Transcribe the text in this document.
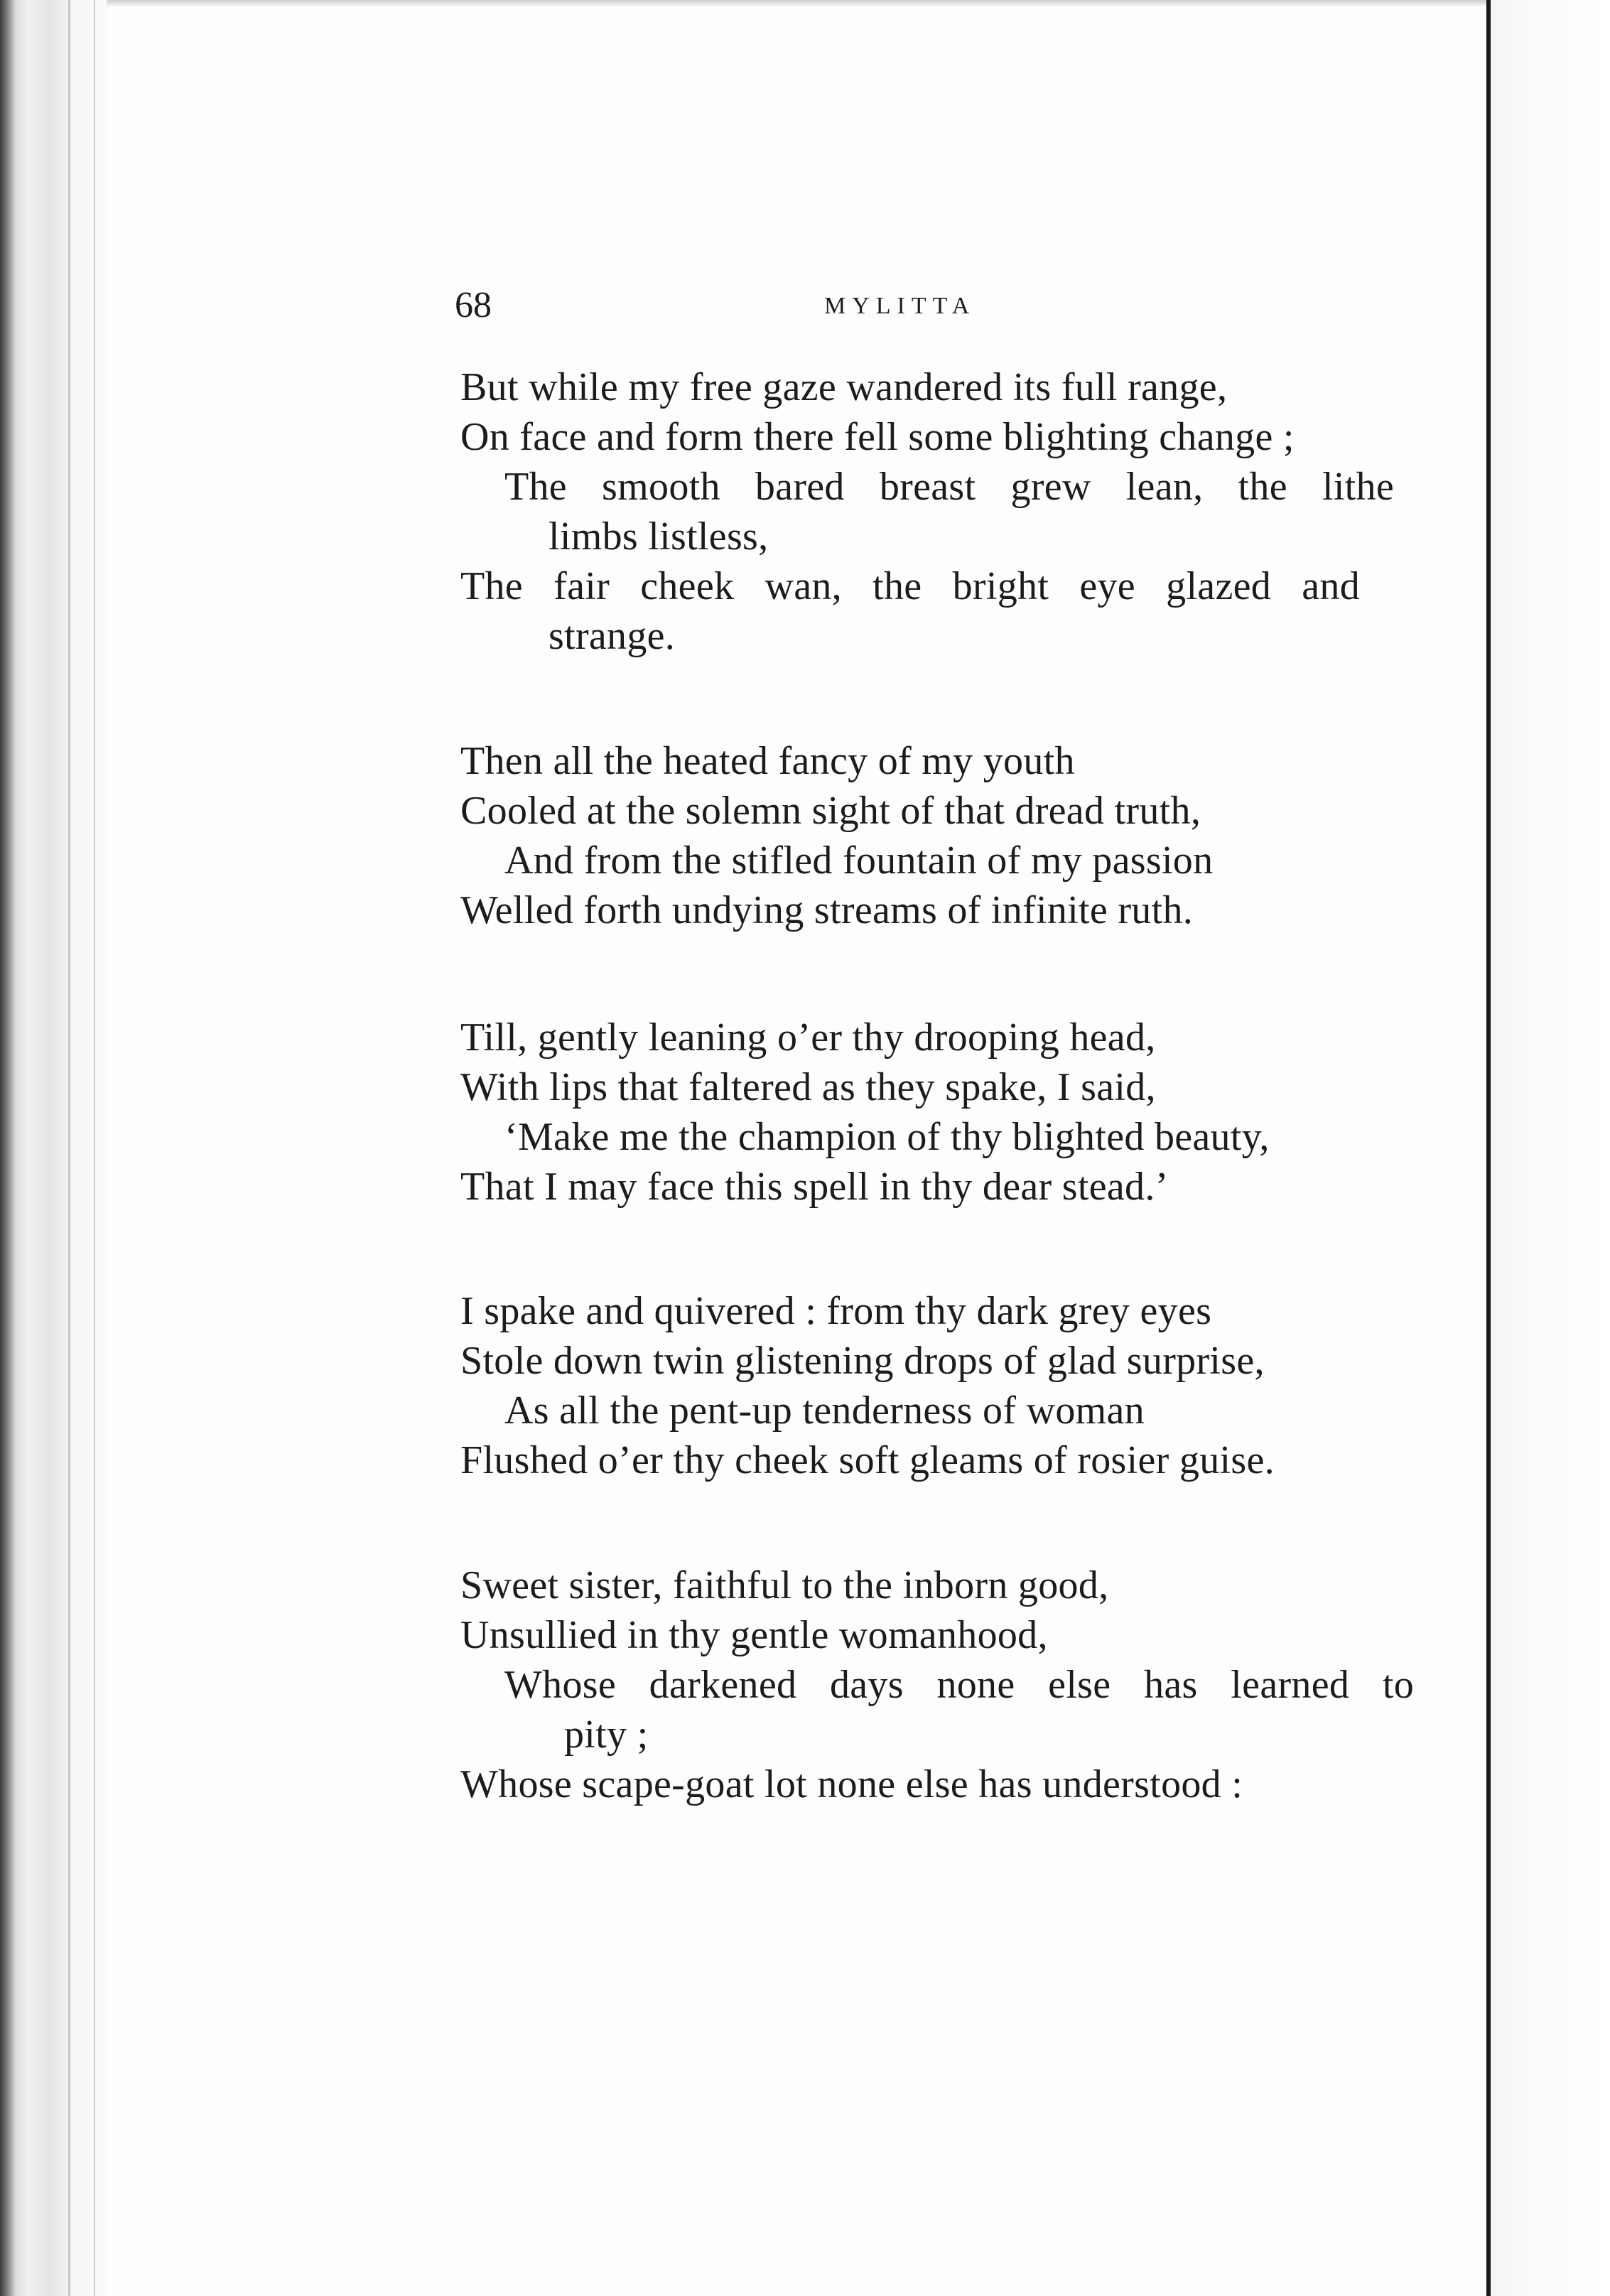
68	MYLITTA
But while my free gaze wandered its full range,
On face and form there fell some blighting change ;
The smooth bared breast grew lean, the lithe
limbs listless,
The fair cheek wan, the bright eye glazed and
strange.
Then all the heated fancy of my youth
Cooled at the solemn sight of that dread truth,
And from the stifled fountain of my passion
Welled forth undying streams of infinite ruth.
Till, gently leaning o’er thy drooping head,
With lips that faltered as they spake, I said,
‘Make me the champion of thy blighted beauty,
That I may face this spell in thy dear stead.’
I spake and quivered : from thy dark grey eyes
Stole down twin glistening drops of glad surprise,
As all the pent-up tenderness of woman
Flushed o’er thy cheek soft gleams of rosier guise.
Sweet sister, faithful to the inborn good,
Unsullied in thy gentle womanhood,
Whose darkened days none else has learned to
pity ;
Whose scape-goat lot none else has understood :
